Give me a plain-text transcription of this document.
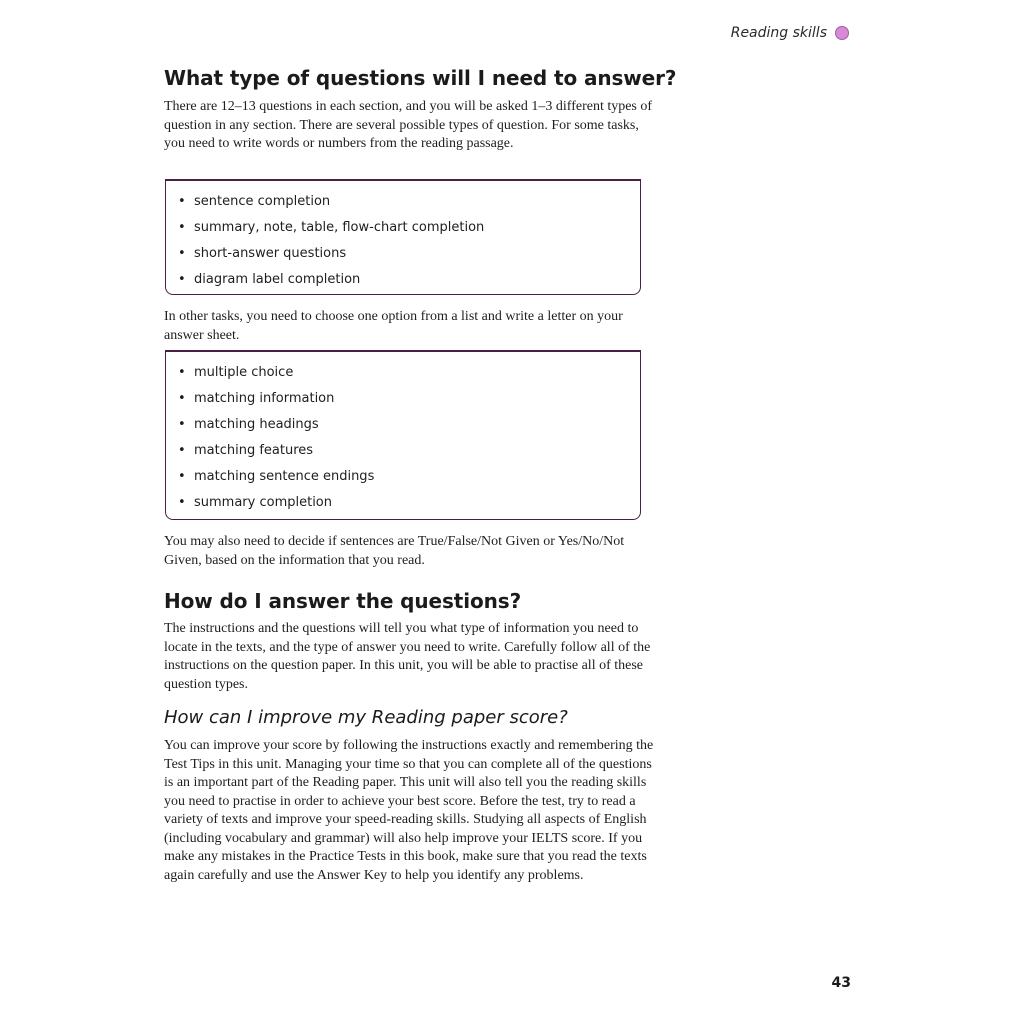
Reading skills
What type of questions will I need to answer?

There are 12–13 questions in each section, and you will be asked 1–3 different types of question in any section. There are several possible types of question. For some tasks, you need to write words or numbers from the reading passage.

• sentence completion
• summary, note, table, flow-chart completion
• short-answer questions
• diagram label completion

In other tasks, you need to choose one option from a list and write a letter on your answer sheet.

• multiple choice
• matching information
• matching headings
• matching features
• matching sentence endings
• summary completion

You may also need to decide if sentences are True/False/Not Given or Yes/No/Not Given, based on the information that you read.

How do I answer the questions?

The instructions and the questions will tell you what type of information you need to locate in the texts, and the type of answer you need to write. Carefully follow all of the instructions on the question paper. In this unit, you will be able to practise all of these question types.

How can I improve my Reading paper score?

You can improve your score by following the instructions exactly and remembering the Test Tips in this unit. Managing your time so that you can complete all of the questions is an important part of the Reading paper. This unit will also tell you the reading skills you need to practise in order to achieve your best score. Before the test, try to read a variety of texts and improve your speed-reading skills. Studying all aspects of English (including vocabulary and grammar) will also help improve your IELTS score. If you make any mistakes in the Practice Tests in this book, make sure that you read the texts again carefully and use the Answer Key to help you identify any problems.

43
